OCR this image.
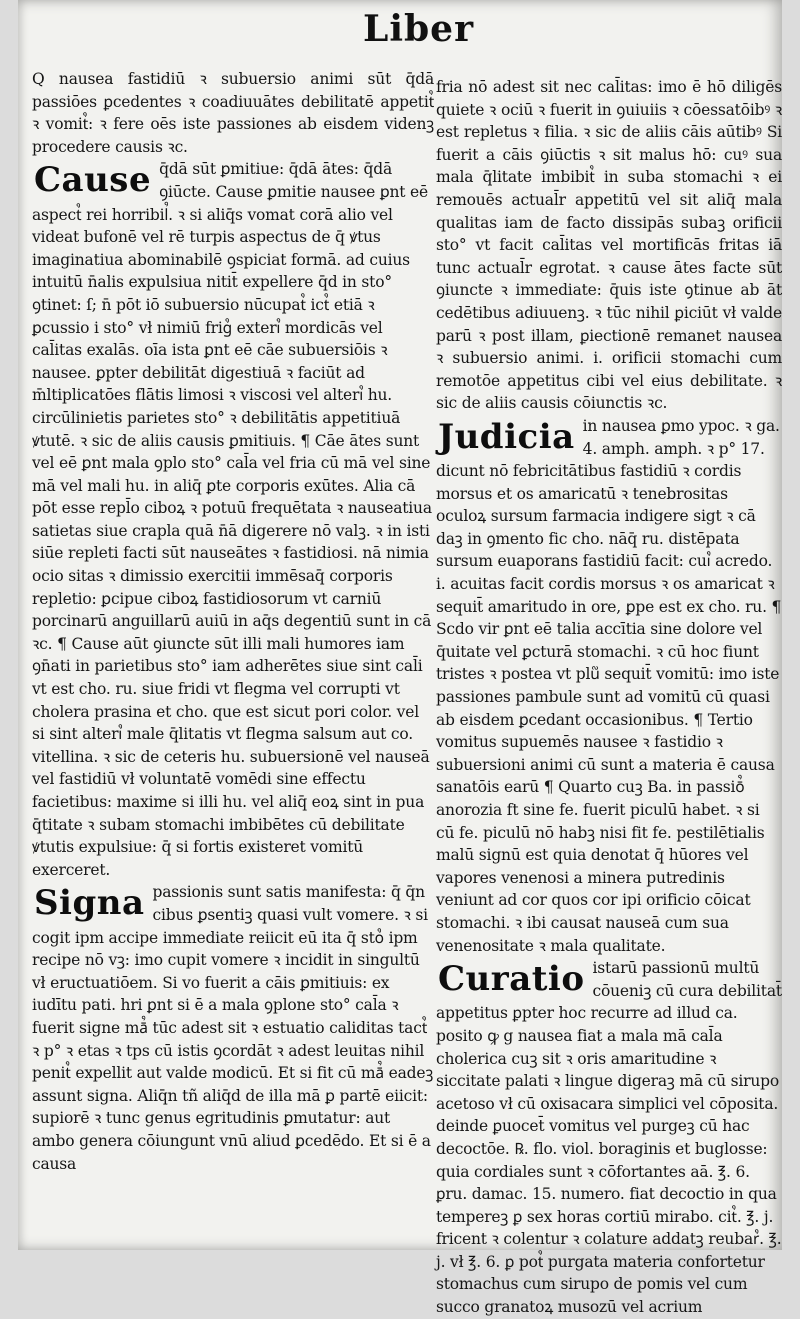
Liber

Q nausea fastidiū ꝛ subuersio animi sūt q̄dā passiōes ꝑcedentes ꝛ coadiuuātes debilitatē appetit᷒ ꝛ vomit᷒: ꝛ fere oēs iste passiones ab eisdem videnꝫ procedere causis ꝛc.

Cause q̄dā sūt ꝑmitiue: q̄dā ātes: q̄dā ꝯiūcte. Cause ꝑmitie nausee ꝑnt eē aspect᷒ rei horribil᷒. ꝛ si aliq̄s vomat corā alio vel videat bufonē vel rē turpis aspectus de q̄ ꝟtus imaginatiua abominabilē ꝯspiciat formā. ad cuius intuitū n̄alis expulsiua nitit̄ expellere q̄d in sto° ꝯtinet: ſ; n̄ pōt iō subuersio nūcupat᷒ ict᷒ etiā ꝛ ꝑcussio i sto° vł nimiū frig᷒ exteri᷒ mordicās vel cal̄itas exalās. oīa ista ꝑnt eē cāe subuersiōis ꝛ nausee. ꝑpter debilitāt digestiuā ꝛ faciūt ad m̄ltiplicatōes flātis limosi ꝛ viscosi vel alteri᷒ hu. circūlinietis parietes sto° ꝛ debilitātis appetitiuā ꝟtutē. ꝛ sic de aliis causis ꝑmitiuis. ¶ Cāe ātes sunt vel eē ꝑnt mala ꝯplo sto° cal̄a vel fria cū mā vel sine mā vel mali hu. in aliq̄ ꝑte corporis exūtes. Alia cā pōt esse repl̄o ciboꝝ ꝛ potuū frequētata ꝛ nauseatiua satietas siue crapla quā n̄ā digerere nō valꝫ. ꝛ in isti siūe repleti facti sūt nauseātes ꝛ fastidiosi. nā nimia ocio sitas ꝛ dimissio exercitii immēsaq̄ corporis repletio: ꝑcipue ciboꝝ fastidiosorum vt carniū porcinarū anguillarū auiū in aq̄s degentiū sunt in cā ꝛc. ¶ Cause aūt ꝯiuncte sūt illi mali humores iam ꝯn̄ati in parietibus sto° iam adherētes siue sint cal̄i vt est cho. ru. siue fridi vt flegma vel corrupti vt cholera prasina et cho. que est sicut pori color. vel si sint alteri᷒ male q̄litatis vt flegma salsum aut co. vitellina. ꝛ sic de ceteris hu. subuersionē vel nauseā vel fastidiū vł voluntatē vomēdi sine effectu facietibus: maxime si illi hu. vel aliq̄ eoꝝ sint in pua q̄titate ꝛ subam stomachi imbibētes cū debilitate ꝟtutis expulsiue: q̄ si fortis existeret vomitū exerceret.
Signa passionis sunt satis manifesta: q̄ q̄n cibus ꝑsentiꝫ quasi vult vomere. ꝛ si cogit ipm accipe immediate reiicit eū ita q̄ sto᷒ ipm recipe nō vꝫ: imo cupit vomere ꝛ incidit in singultū vł eructuatiōem. Si vo fuerit a cāis ꝑmitiuis: ex iudītu pati. hri ꝑnt si ē a mala ꝯplone sto° cal̄a ꝛ fuerit signe mā᷒ tūc adest sit ꝛ estuatio caliditas tact᷒ ꝛ p° ꝛ etas ꝛ tps cū istis ꝯcordāt ꝛ adest leuitas nihil penit᷒ expellit aut valde modicū. Et si fit cū mā᷒ eadeꝫ assunt signa. Aliq̄n tñ aliq̄d de illa mā ꝑ partē eiicit: supiorē ꝛ tunc genus egritudinis ꝑmutatur: aut ambo genera cōiungunt vnū aliud ꝑcedēdo. Et si ē a causa

fria nō adest sit nec cal̄itas: imo ē hō diligēs quiete ꝛ ociū ꝛ fuerit in ꝯuiuiis ꝛ cōessatōibꝰ ꝛ est repletus ꝛ filia. ꝛ sic de aliis cāis aūtibꝰ Si fuerit a cāis ꝯiūctis ꝛ sit malus hō: cuꝰ sua mala q̄litate imbibit᷒ in suba stomachi ꝛ ei remouēs actual̄r appetitū vel sit aliq̄ mala qualitas iam de facto dissipās subaꝫ orificii sto° vt facit cal̄itas vel mortificās fritas iā tunc actual̄r egrotat. ꝛ cause ātes facte sūt ꝯiuncte ꝛ immediate: q̄uis iste ꝯtinue ab āt cedētibus adiuuenꝫ. ꝛ tūc nihil ꝑiciūt vł valde parū ꝛ post illam, ꝑiectionē remanet nausea ꝛ subuersio animi. i. orificii stomachi cum remotōe appetitus cibi vel eius debilitate. ꝛ sic de aliis causis cōiunctis ꝛc.

Judicia in nausea ꝑmo ypoc. ꝛ ga. 4. amph. amph. ꝛ p° 17. dicunt nō febricitātibus fastidiū ꝛ cordis morsus et os amaricatū ꝛ tenebrositas oculoꝝ sursum farmacia indigere sigt ꝛ cā daꝫ in ꝯmento fic cho. nāq̄ ru. distēpata sursum euaporans fastidiū facit: cui᷒ acredo. i. acuitas facit cordis morsus ꝛ os amaricat ꝛ sequit̄ amaritudo in ore, ꝑpe est ex cho. ru. ¶ Scdo vir ꝑnt eē talia accītia sine dolore vel q̄uitate vel ꝑcturā stomachi. ꝛ cū hoc fiunt tristes ꝛ postea vt plu᷑ sequit̄ vomitū: imo iste passiones pambule sunt ad vomitū cū quasi ab eisdem ꝑcedant occasionibus. ¶ Tertio vomitus supuemēs nausee ꝛ fastidio ꝛ subuersioni animi cū sunt a materia ē causa sanatōis earū ¶ Quarto cuꝫ Ba. in passiō᷒ anorozia ft sine fe. fuerit piculū habet. ꝛ si cū fe. piculū nō habꝫ nisi fit fe. pestilētialis malū signū est quia denotat q̄ hūores vel vapores venenosi a minera putredinis veniunt ad cor quos cor ipi orificio cōicat stomachi. ꝛ ibi causat nauseā cum sua venenositate ꝛ mala qualitate.
Curatio istarū passionū multū cōueniꝫ cū cura debilitat̄ appetitus ꝑpter hoc recurre ad illud ca. posito ꝙ g nausea fiat a mala mā cal̄a cholerica cuꝫ sit ꝛ oris amaritudine ꝛ siccitate palati ꝛ lingue digeraꝫ mā cū sirupo acetoso vł cū oxisacara simplici vel cōposita. deinde ꝑuocet̄ vomitus vel purgeꝫ cū hac decoctōe. ℞. flo. viol. boraginis et buglosse: quia cordiales sunt ꝛ cōfortantes aā. ℥. 6. ꝑru. damac. 15. numero. fiat decoctio in qua tempereꝫ ꝑ sex horas cortiū mirabo. cit᷒. ℥. j. fricent ꝛ colentur ꝛ colature addatꝫ reubar᷒. ℥. j. vł ℥. 6. ꝑ pot᷒ purgata materia confortetur stomachus cum sirupo de pomis vel cum succo granatoꝝ musozū vel acrium
